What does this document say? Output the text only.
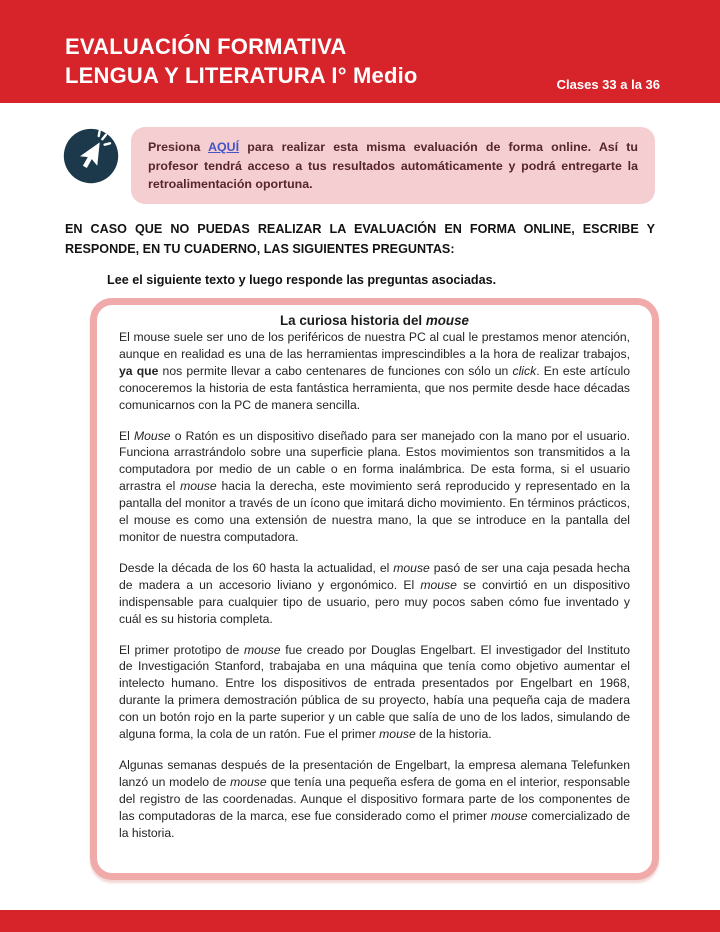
EVALUACIÓN FORMATIVA
LENGUA Y LITERATURA I° Medio	Clases 33 a la 36

Presiona AQUÍ para realizar esta misma evaluación de forma online. Así tu profesor tendrá acceso a tus resultados automáticamente y podrá entregarte la retroalimentación oportuna.

EN CASO QUE NO PUEDAS REALIZAR LA EVALUACIÓN EN FORMA ONLINE, ESCRIBE Y RESPONDE, EN TU CUADERNO, LAS SIGUIENTES PREGUNTAS:

Lee el siguiente texto y luego responde las preguntas asociadas.

La curiosa historia del mouse

El mouse suele ser uno de los periféricos de nuestra PC al cual le prestamos menor atención, aunque en realidad es una de las herramientas imprescindibles a la hora de realizar trabajos, ya que nos permite llevar a cabo centenares de funciones con sólo un click. En este artículo conoceremos la historia de esta fantástica herramienta, que nos permite desde hace décadas comunicarnos con la PC de manera sencilla.

El Mouse o Ratón es un dispositivo diseñado para ser manejado con la mano por el usuario. Funciona arrastrándolo sobre una superficie plana. Estos movimientos son transmitidos a la computadora por medio de un cable o en forma inalámbrica. De esta forma, si el usuario arrastra el mouse hacia la derecha, este movimiento será reproducido y representado en la pantalla del monitor a través de un ícono que imitará dicho movimiento. En términos prácticos, el mouse es como una extensión de nuestra mano, la que se introduce en la pantalla del monitor de nuestra computadora.

Desde la década de los 60 hasta la actualidad, el mouse pasó de ser una caja pesada hecha de madera a un accesorio liviano y ergonómico. El mouse se convirtió en un dispositivo indispensable para cualquier tipo de usuario, pero muy pocos saben cómo fue inventado y cuál es su historia completa.

El primer prototipo de mouse fue creado por Douglas Engelbart. El investigador del Instituto de Investigación Stanford, trabajaba en una máquina que tenía como objetivo aumentar el intelecto humano. Entre los dispositivos de entrada presentados por Engelbart en 1968, durante la primera demostración pública de su proyecto, había una pequeña caja de madera con un botón rojo en la parte superior y un cable que salía de uno de los lados, simulando de alguna forma, la cola de un ratón. Fue el primer mouse de la historia.

Algunas semanas después de la presentación de Engelbart, la empresa alemana Telefunken lanzó un modelo de mouse que tenía una pequeña esfera de goma en el interior, responsable del registro de las coordenadas. Aunque el dispositivo formara parte de los componentes de las computadoras de la marca, ese fue considerado como el primer mouse comercializado de la historia.
